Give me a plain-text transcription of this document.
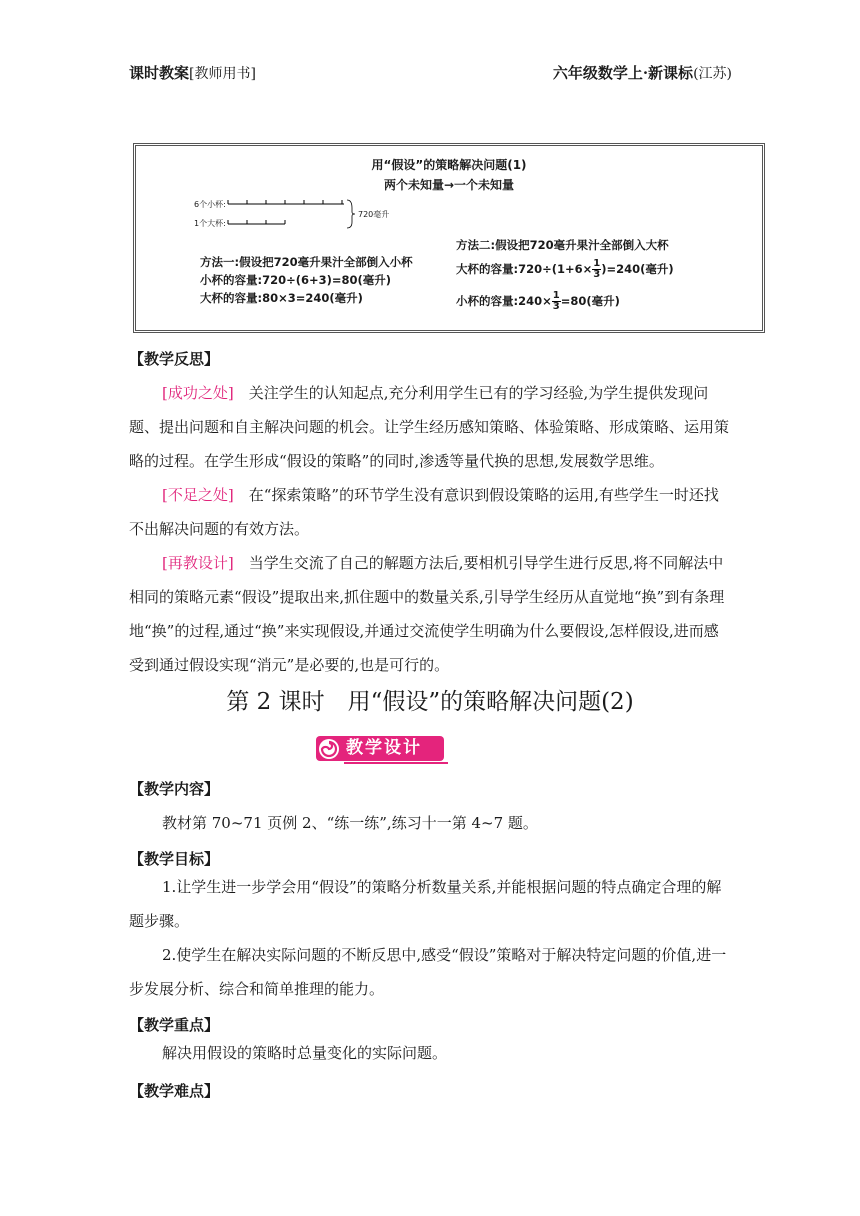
课时教案[教师用书]	六年级数学上·新课标(江苏)
用“假设”的策略解决问题(1)
两个未知量→一个未知量
6个小杯:
1个大杯:
720毫升
方法一:假设把720毫升果汁全部倒入小杯
小杯的容量:720÷(6+3)=80(毫升)
大杯的容量:80×3=240(毫升)
方法二:假设把720毫升果汁全部倒入大杯
大杯的容量:720÷(1+6× $\frac{1}{3} )=240$(毫升)
小杯的容量:240× $\frac{1}{3} =80$(毫升)
【教学反思】
[成功之处]　 关注学生的认知起点,充分利用学生已有的学习经验,为学生提供发现问题、提出问题和自主解决问题的机会。让学生经历感知策略、体验策略、形成策略、运用策略的过程。在学生形成“假设的策略”的同时,渗透等量代换的思想,发展数学思维。
[不足之处]　 在“探索策略”的环节学生没有意识到假设策略的运用,有些学生一时还找不出解决问题的有效方法。
[再教设计]　 当学生交流了自己的解题方法后,要相机引导学生进行反思,将不同解法中相同的策略元素“假设”提取出来,抓住题中的数量关系,引导学生经历从直觉地“换”到有条理地“换”的过程,通过“换”来实现假设,并通过交流使学生明确为什么要假设,怎样假设,进而感受到通过假设实现“消元”是必要的,也是可行的。
第 2 课时　用“假设”的策略解决问题(2)
教学设计
【教学内容】
教材第 70~71 页例 2、“练一练”,练习十一第 4~7 题。
【教学目标】
1.让学生进一步学会用“假设”的策略分析数量关系,并能根据问题的特点确定合理的解题步骤。
2.使学生在解决实际问题的不断反思中,感受“假设”策略对于解决特定问题的价值,进一步发展分析、综合和简单推理的能力。
【教学重点】
解决用假设的策略时总量变化的实际问题。
【教学难点】
